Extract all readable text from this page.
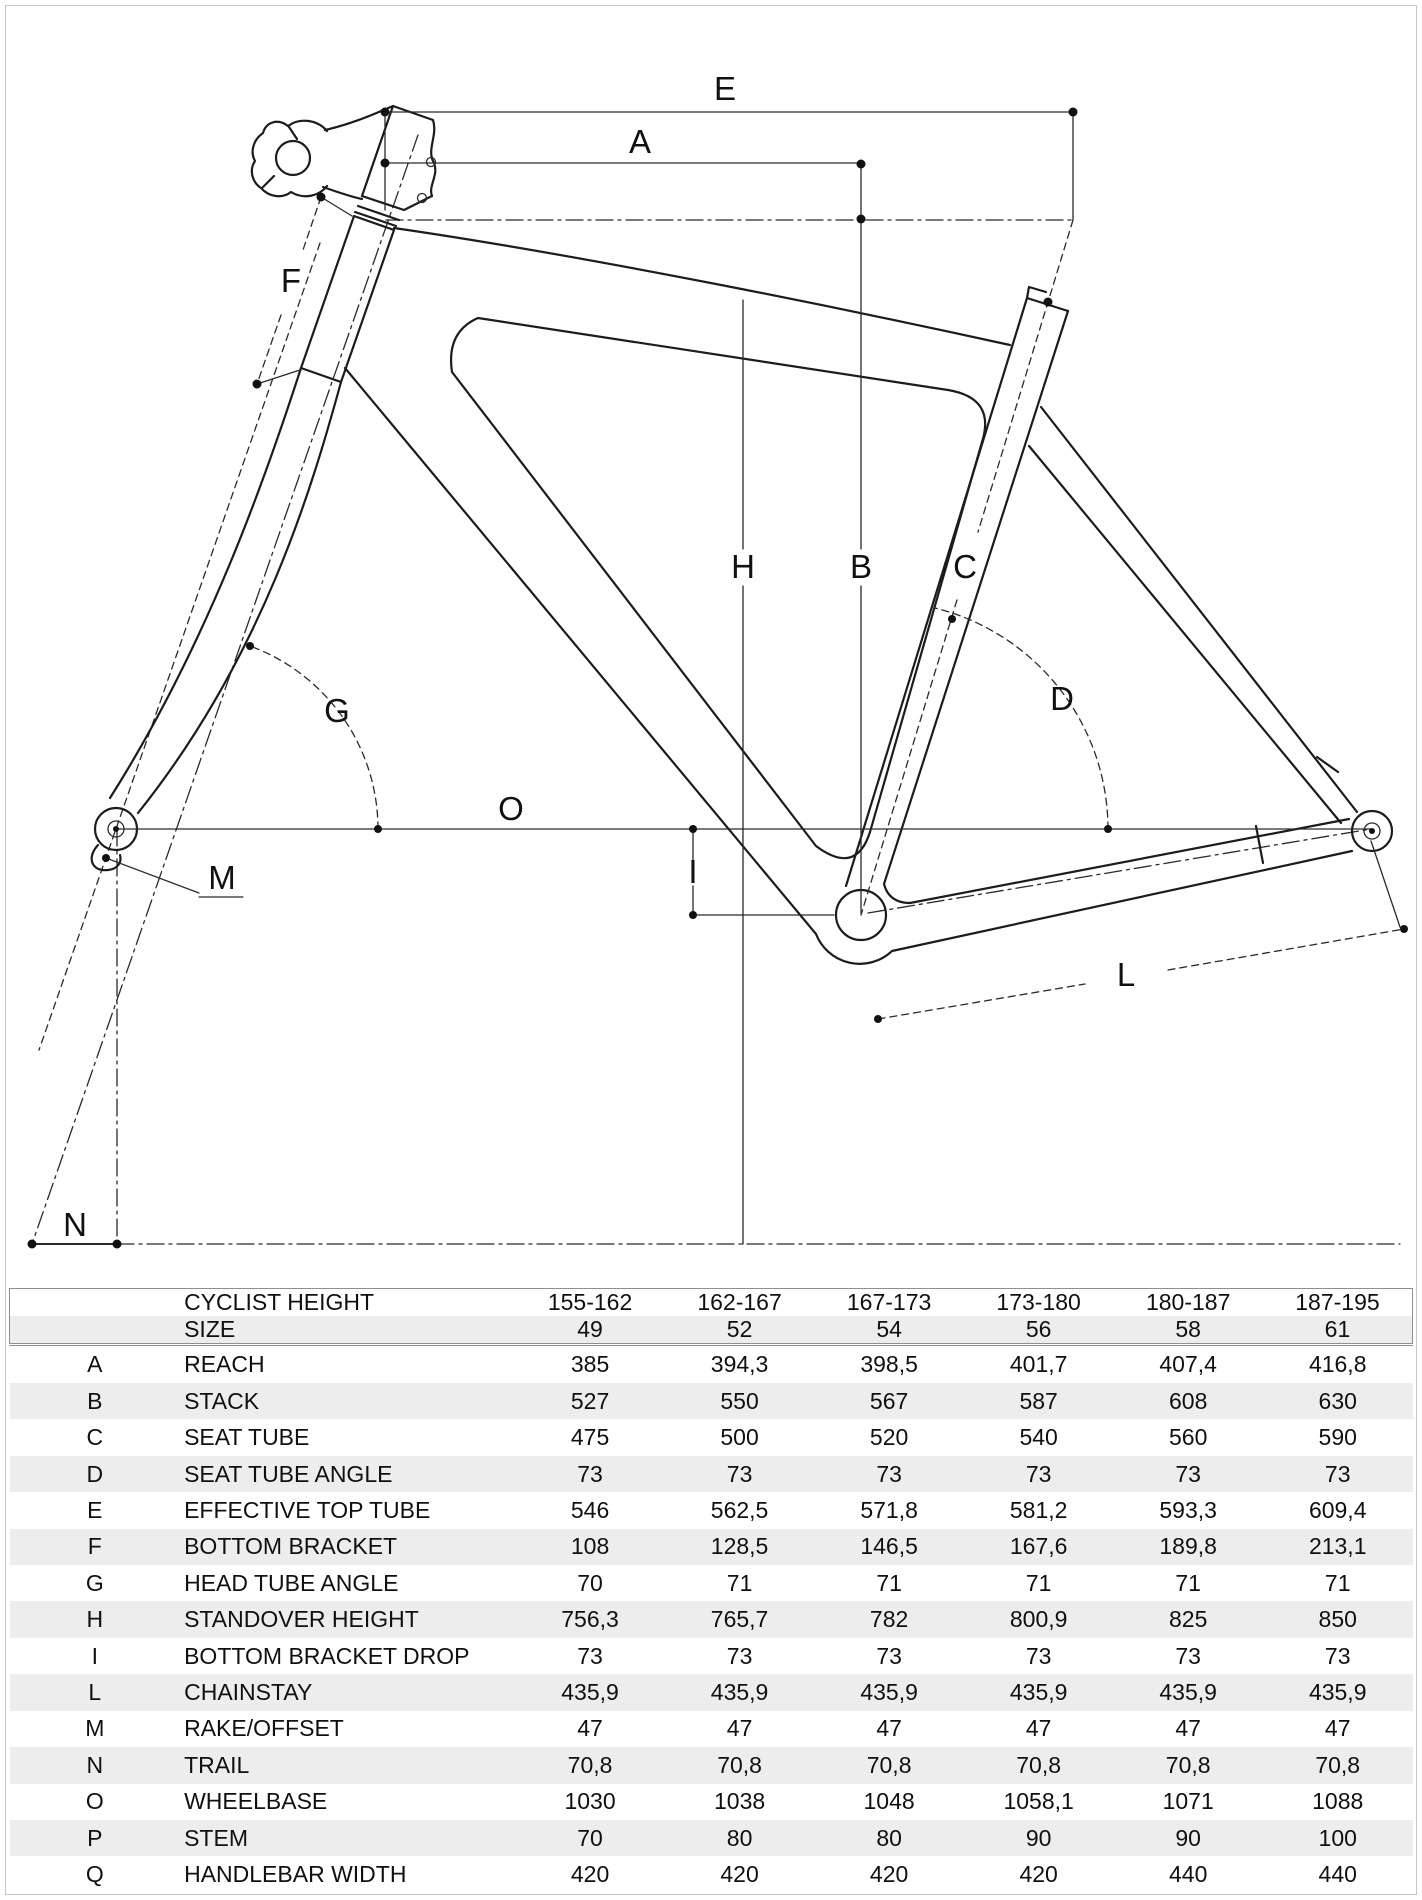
A
B C
D
E
F
G
H
I
L
M
N
O
	CYCLIST HEIGHT	155-162	162-167	167-173	173-180	180-187	187-195
	SIZE	49	52	54	56	58	61
A	REACH	385	394,3	398,5	401,7	407,4	416,8
B	STACK	527	550	567	587	608	630
C	SEAT TUBE	475	500	520	540	560	590
D	SEAT TUBE ANGLE	73	73	73	73	73	73
E	EFFECTIVE TOP TUBE	546	562,5	571,8	581,2	593,3	609,4
F	BOTTOM BRACKET	108	128,5	146,5	167,6	189,8	213,1
G	HEAD TUBE ANGLE	70	71	71	71	71	71
H	STANDOVER HEIGHT	756,3	765,7	782	800,9	825	850
I	BOTTOM BRACKET DROP	73	73	73	73	73	73
L	CHAINSTAY	435,9	435,9	435,9	435,9	435,9	435,9
M	RAKE/OFFSET	47	47	47	47	47	47
N	TRAIL	70,8	70,8	70,8	70,8	70,8	70,8
O	WHEELBASE	1030	1038	1048	1058,1	1071	1088
P	STEM	70	80	80	90	90	100
Q	HANDLEBAR WIDTH	420	420	420	420	440	440
